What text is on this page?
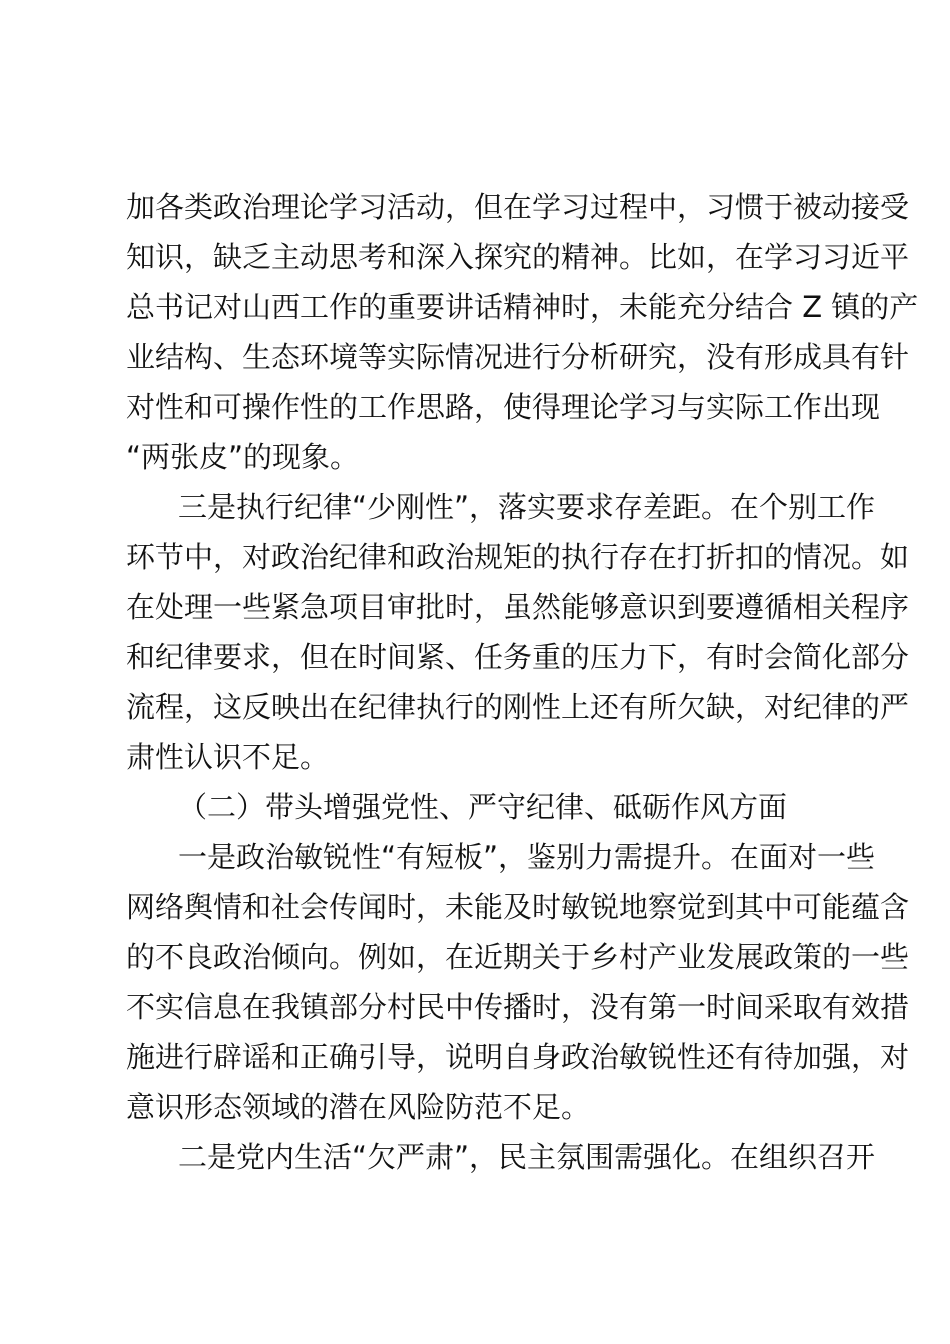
加各类政治理论学习活动，但在学习过程中，习惯于被动接受
知识，缺乏主动思考和深入探究的精神。比如，在学习习近平
总书记对山西工作的重要讲话精神时，未能充分结合 Z 镇的产
业结构、生态环境等实际情况进行分析研究，没有形成具有针
对性和可操作性的工作思路，使得理论学习与实际工作出现
“两张皮”的现象。
三是执行纪律“少刚性”，落实要求存差距。在个别工作
环节中，对政治纪律和政治规矩的执行存在打折扣的情况。如
在处理一些紧急项目审批时，虽然能够意识到要遵循相关程序
和纪律要求，但在时间紧、任务重的压力下，有时会简化部分
流程，这反映出在纪律执行的刚性上还有所欠缺，对纪律的严
肃性认识不足。
（二）带头增强党性、严守纪律、砥砺作风方面
一是政治敏锐性“有短板”，鉴别力需提升。在面对一些
网络舆情和社会传闻时，未能及时敏锐地察觉到其中可能蕴含
的不良政治倾向。例如，在近期关于乡村产业发展政策的一些
不实信息在我镇部分村民中传播时，没有第一时间采取有效措
施进行辟谣和正确引导，说明自身政治敏锐性还有待加强，对
意识形态领域的潜在风险防范不足。
二是党内生活“欠严肃”，民主氛围需强化。在组织召开
